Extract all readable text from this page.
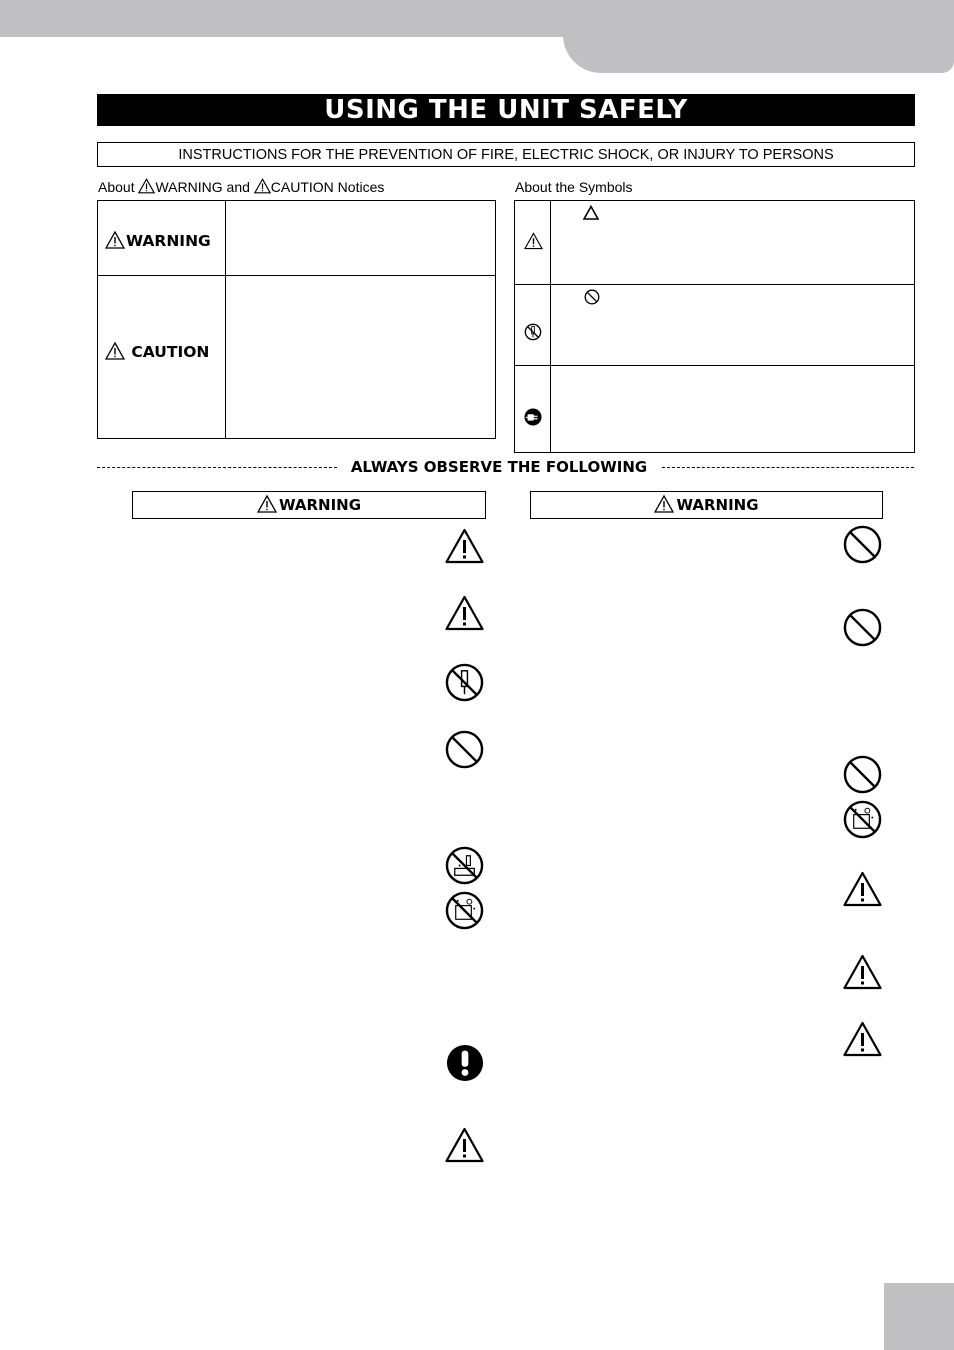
USING THE UNIT SAFELY
INSTRUCTIONS FOR THE PREVENTION OF FIRE, ELECTRIC SHOCK, OR INJURY TO PERSONS
About WARNING and CAUTION Notices
WARNING
CAUTION
About the Symbols
ALWAYS OBSERVE THE FOLLOWING
WARNING	WARNING
